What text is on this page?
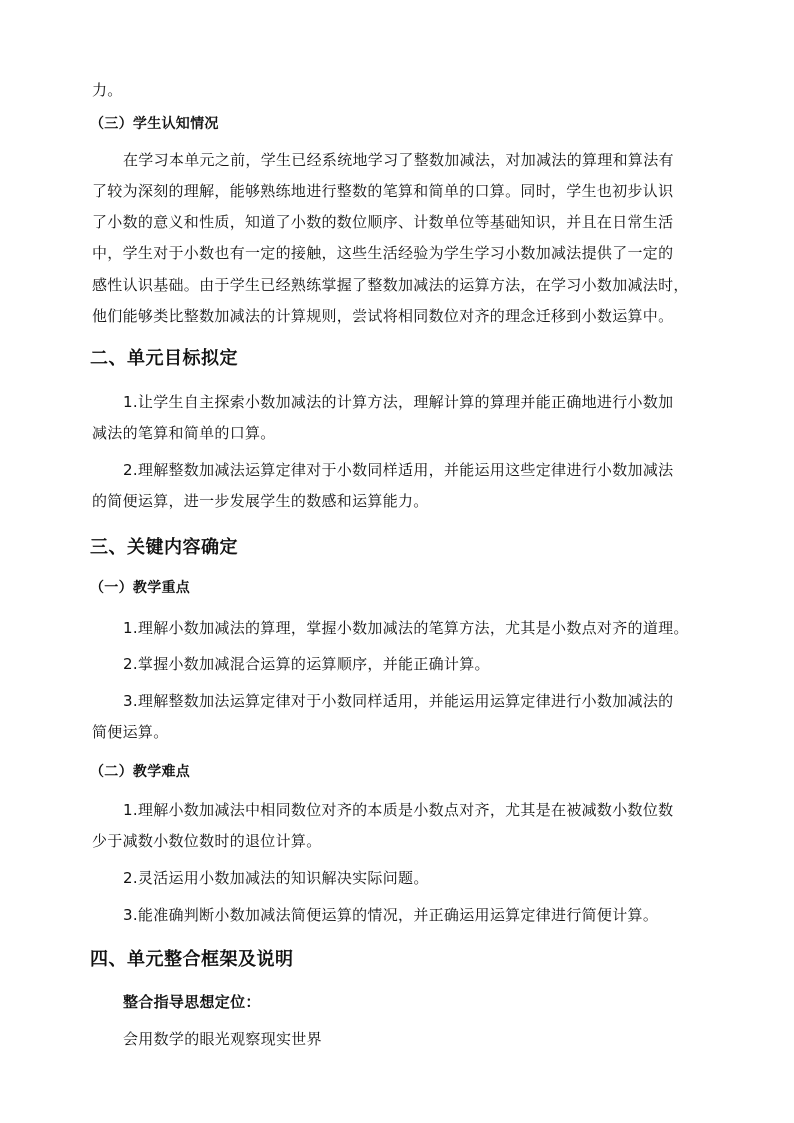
力。

（三）学生认知情况

在学习本单元之前，学生已经系统地学习了整数加减法，对加减法的算理和算法有

了较为深刻的理解，能够熟练地进行整数的笔算和简单的口算。同时，学生也初步认识

了小数的意义和性质，知道了小数的数位顺序、计数单位等基础知识，并且在日常生活

中，学生对于小数也有一定的接触，这些生活经验为学生学习小数加减法提供了一定的

感性认识基础。由于学生已经熟练掌握了整数加减法的运算方法，在学习小数加减法时，

他们能够类比整数加减法的计算规则，尝试将相同数位对齐的理念迁移到小数运算中。

二、单元目标拟定

1.让学生自主探索小数加减法的计算方法，理解计算的算理并能正确地进行小数加

减法的笔算和简单的口算。

2.理解整数加减法运算定律对于小数同样适用，并能运用这些定律进行小数加减法

的简便运算，进一步发展学生的数感和运算能力。

三、关键内容确定

（一）教学重点

1.理解小数加减法的算理，掌握小数加减法的笔算方法，尤其是小数点对齐的道理。

2.掌握小数加减混合运算的运算顺序，并能正确计算。

3.理解整数加法运算定律对于小数同样适用，并能运用运算定律进行小数加减法的

简便运算。

（二）教学难点

1.理解小数加减法中相同数位对齐的本质是小数点对齐，尤其是在被减数小数位数

少于减数小数位数时的退位计算。

2.灵活运用小数加减法的知识解决实际问题。

3.能准确判断小数加减法简便运算的情况，并正确运用运算定律进行简便计算。

四、单元整合框架及说明

整合指导思想定位：

会用数学的眼光观察现实世界
